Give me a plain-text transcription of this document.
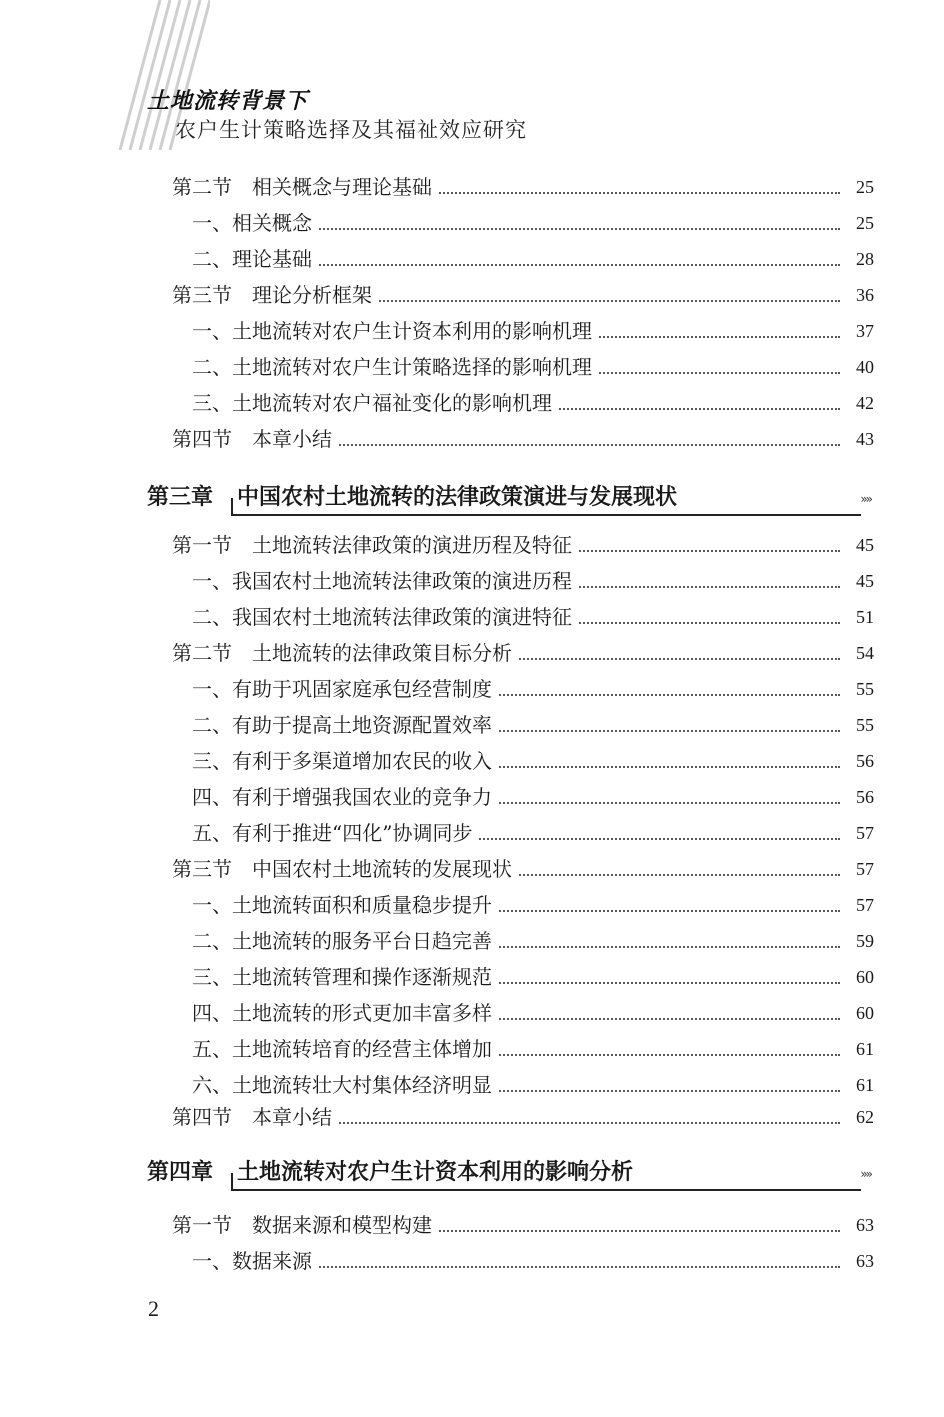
土地流转背景下
农户生计策略选择及其福祉效应研究
第二节　 相关概念与理论基础	25
一、相关概念	25
二、理论基础	28
第三节　 理论分析框架	36
一、土地流转对农户生计资本利用的影响机理	37
二、土地流转对农户生计策略选择的影响机理	40
三、土地流转对农户福祉变化的影响机理	42
第四节　 本章小结	43
第三章 中国农村土地流转的法律政策演进与发展现状	»»
第一节　 土地流转法律政策的演进历程及特征	45
一、我国农村土地流转法律政策的演进历程	45
二、我国农村土地流转法律政策的演进特征	51
第二节　 土地流转的法律政策目标分析	54
一、有助于巩固家庭承包经营制度	55
二、有助于提高土地资源配置效率	55
三、有利于多渠道增加农民的收入	56
四、有利于增强我国农业的竞争力	56
五、有利于推进“四化”协调同步	57
第三节　 中国农村土地流转的发展现状	57
一、土地流转面积和质量稳步提升	57
二、土地流转的服务平台日趋完善	59
三、土地流转管理和操作逐渐规范	60
四、土地流转的形式更加丰富多样	60
五、土地流转培育的经营主体增加	61
六、土地流转壮大村集体经济明显	61
第四节　 本章小结	62
第四章 土地流转对农户生计资本利用的影响分析	»»
第一节　 数据来源和模型构建	63
一、数据来源	63
2
